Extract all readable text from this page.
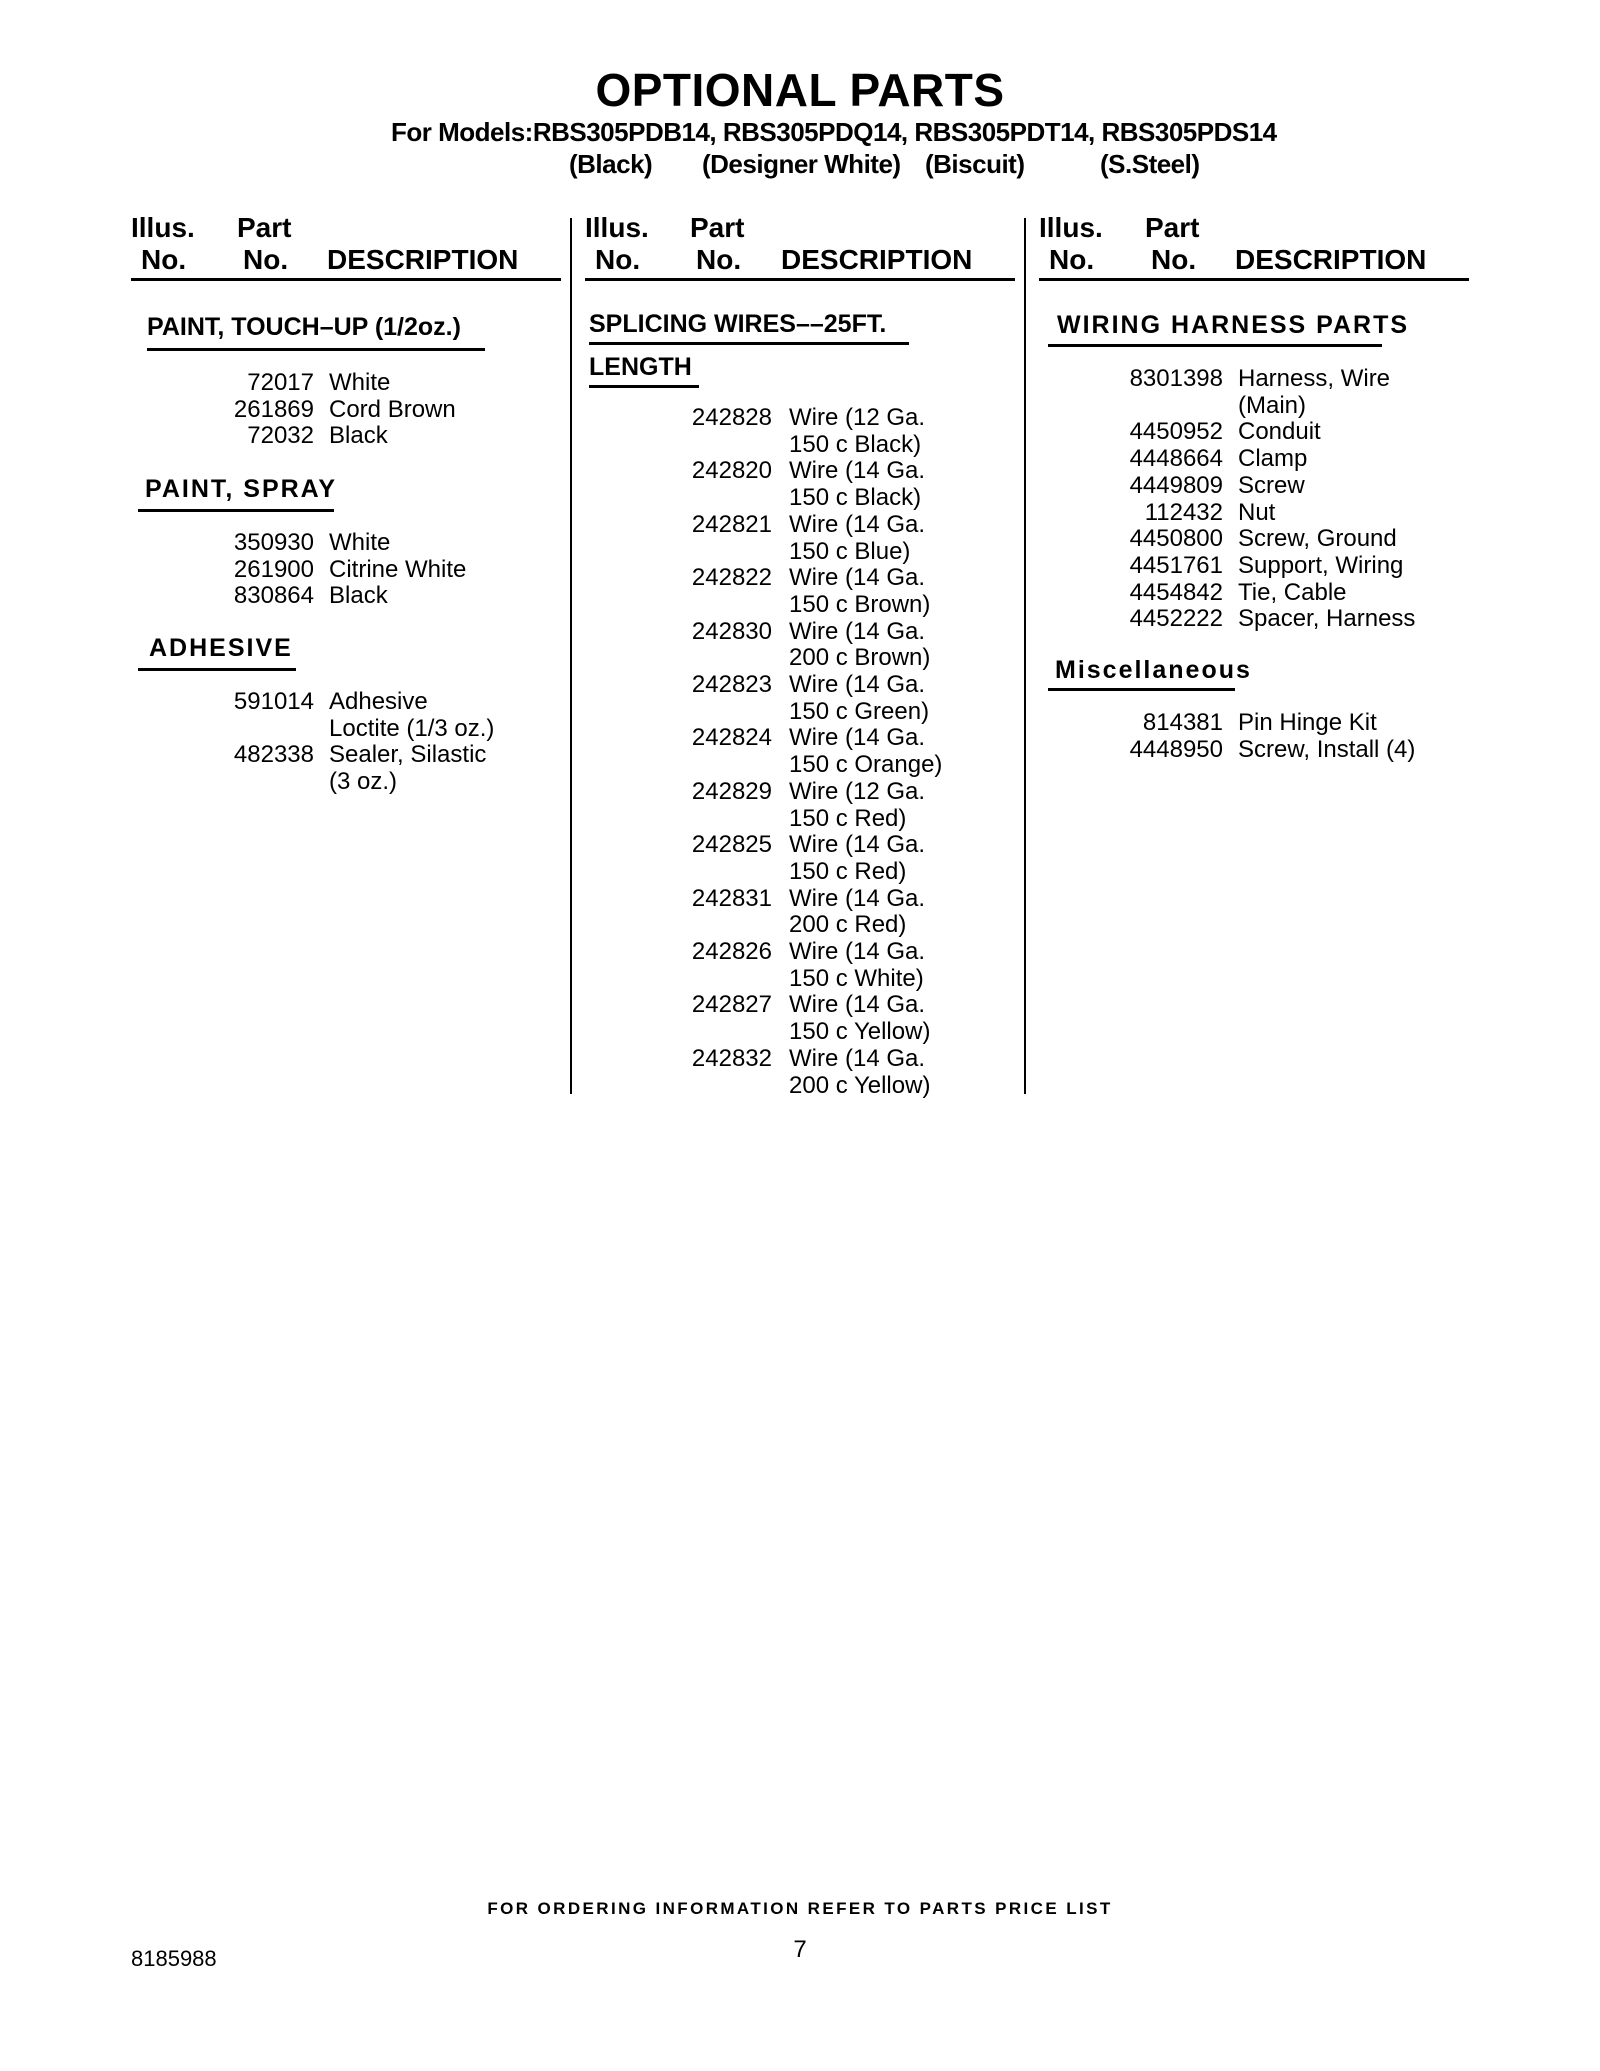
OPTIONAL PARTS
For Models:RBS305PDB14, RBS305PDQ14, RBS305PDT14, RBS305PDS14
(Black) (Designer White) (Biscuit)	(S.Steel)
Illus.
No.
Part
No. DESCRIPTION
Illus.
No.
Part
No. DESCRIPTION
Illus.
No.
Part
No. DESCRIPTION
PAINT, TOUCH–UP (1/2oz.)
72017 White
261869 Cord Brown
72032 Black
PAINT, SPRAY
350930 White
261900 Citrine White
830864 Black
ADHESIVE
591014 Adhesive
Loctite (1/3 oz.)
482338 Sealer, Silastic
(3 oz.)
SPLICING WIRES––25FT.
LENGTH
242828 Wire (12 Ga.
150 c Black)
242820 Wire (14 Ga.
150 c Black)
242821 Wire (14 Ga.
150 c Blue)
242822 Wire (14 Ga.
150 c Brown)
242830 Wire (14 Ga.
200 c Brown)
242823 Wire (14 Ga.
150 c Green)
242824 Wire (14 Ga.
150 c Orange)
242829 Wire (12 Ga.
150 c Red)
242825 Wire (14 Ga.
150 c Red)
242831 Wire (14 Ga.
200 c Red)
242826 Wire (14 Ga.
150 c White)
242827 Wire (14 Ga.
150 c Yellow)
242832 Wire (14 Ga.
200 c Yellow)
WIRING HARNESS PARTS
8301398 Harness, Wire
(Main)
4450952 Conduit
4448664 Clamp
4449809 Screw
112432 Nut
4450800 Screw, Ground
4451761 Support, Wiring
4454842 Tie, Cable
4452222 Spacer, Harness
Miscellaneous
814381 Pin Hinge Kit
4448950 Screw, Install (4)
FOR ORDERING INFORMATION REFER TO PARTS PRICE LIST
8185988	7
